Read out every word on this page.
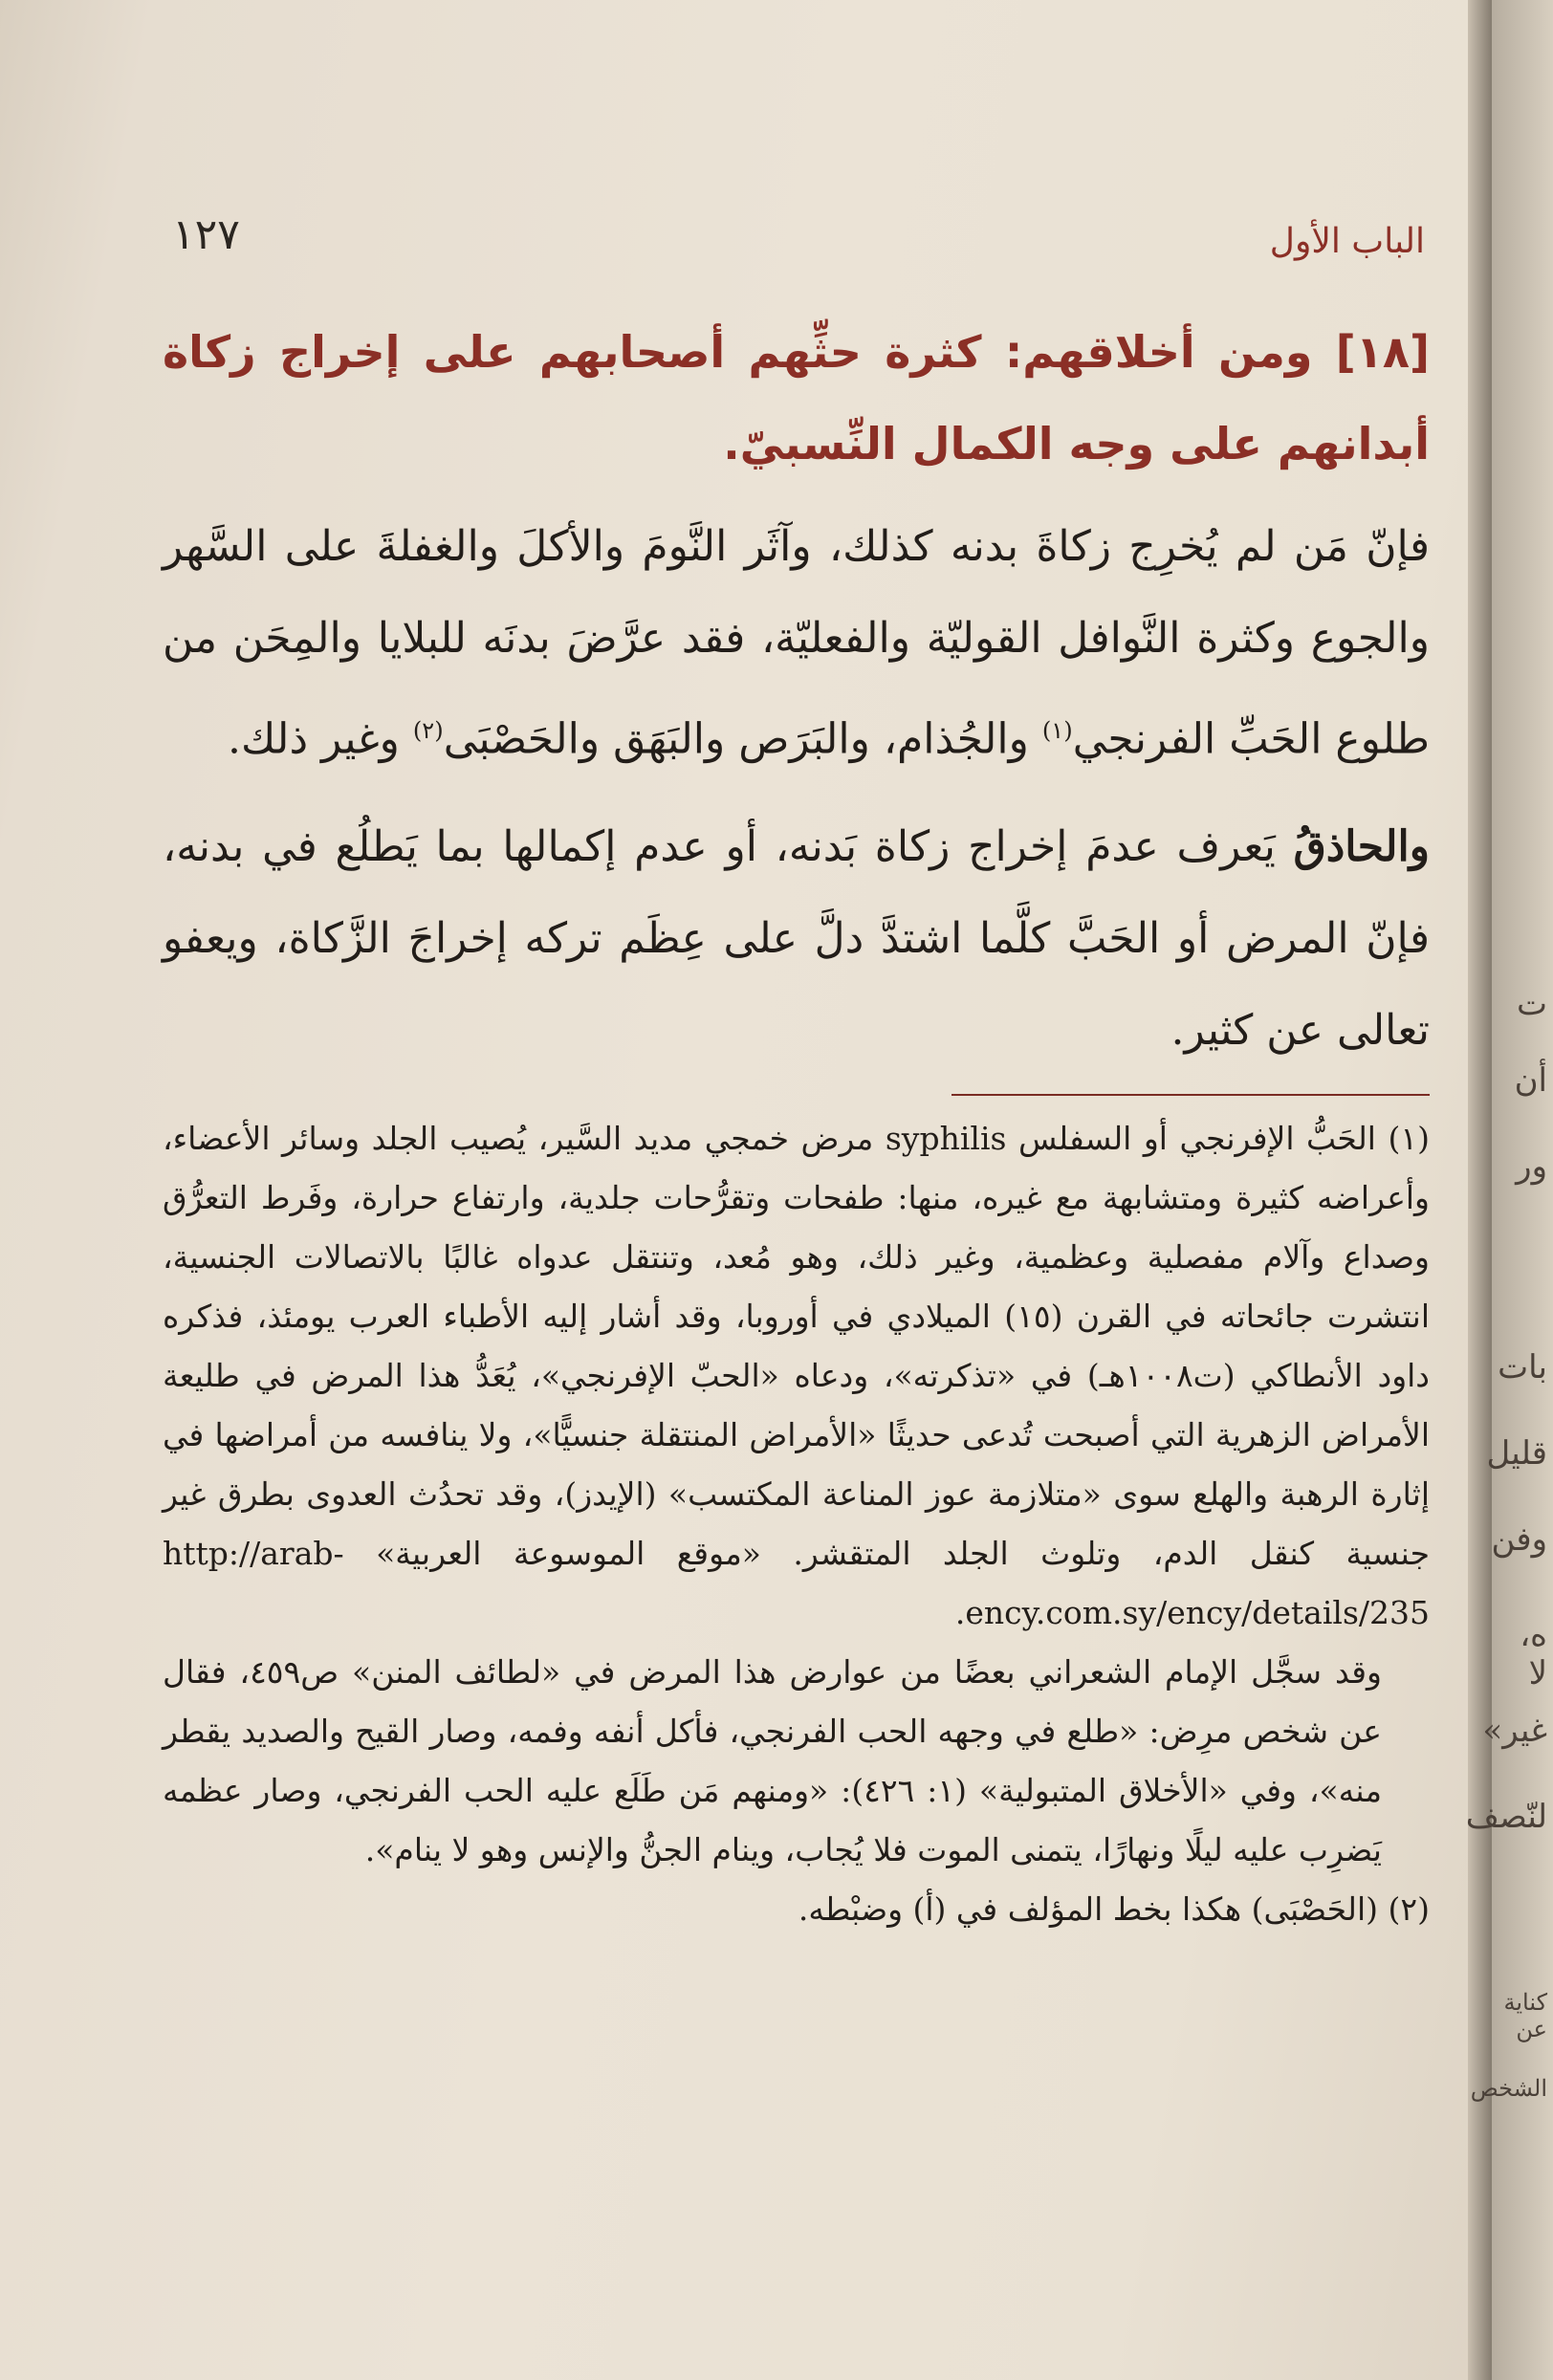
الباب الأول
١٢٧

[١٨] ومن أخلاقهم: كثرة حثِّهم أصحابهم على إخراج زكاة أبدانهم على وجه الكمال النِّسبيّ.

فإنّ مَن لم يُخرِج زكاةَ بدنه كذلك، وآثَر النَّومَ والأكلَ والغفلةَ على السَّهر والجوع وكثرة النَّوافل القوليّة والفعليّة، فقد عرَّضَ بدنَه للبلايا والمِحَن من طلوع الحَبِّ الفرنجي$^{(١)}$ والجُذام، والبَرَص والبَهَق والحَصْبَى$^{(٢)}$ وغير ذلك.

والحاذقُ يَعرف عدمَ إخراج زكاة بَدنه، أو عدم إكمالها بما يَطلُع في بدنه، فإنّ المرض أو الحَبَّ كلَّما اشتدَّ دلَّ على عِظَم تركه إخراجَ الزَّكاة، ويعفو تعالى عن كثير.

(١) الحَبُّ الإفرنجي أو السفلس syphilis مرض خمجي مديد السَّير، يُصيب الجلد وسائر الأعضاء، وأعراضه كثيرة ومتشابهة مع غيره، منها: طفحات وتقرُّحات جلدية، وارتفاع حرارة، وفَرط التعرُّق وصداع وآلام مفصلية وعظمية، وغير ذلك، وهو مُعد، وتنتقل عدواه غالبًا بالاتصالات الجنسية، انتشرت جائحاته في القرن (١٥) الميلادي في أوروبا، وقد أشار إليه الأطباء العرب يومئذ، فذكره داود الأنطاكي (ت١٠٠٨هـ) في «تذكرته»، ودعاه «الحبّ الإفرنجي»، يُعَدُّ هذا المرض في طليعة الأمراض الزهرية التي أصبحت تُدعى حديثًا «الأمراض المنتقلة جنسيًّا»، ولا ينافسه من أمراضها في إثارة الرهبة والهلع سوى «متلازمة عوز المناعة المكتسب» (الإيدز)، وقد تحدُث العدوى بطرق غير جنسية كنقل الدم، وتلوث الجلد المتقشر. «موقع الموسوعة العربية» http://arab-ency.com.sy/ency/details/235.

وقد سجَّل الإمام الشعراني بعضًا من عوارض هذا المرض في «لطائف المنن» ص٤٥٩، فقال عن شخص مرِض: «طلع في وجهه الحب الفرنجي، فأكل أنفه وفمه، وصار القيح والصديد يقطر منه»، وفي «الأخلاق المتبولية» (١: ٤٢٦): «ومنهم مَن طَلَع عليه الحب الفرنجي، وصار عظمه يَضرِب عليه ليلًا ونهارًا، يتمنى الموت فلا يُجاب، وينام الجنُّ والإنس وهو لا ينام».

(٢) (الحَصْبَى) هكذا بخط المؤلف في (أ) وضبْطه.

ت
أن
ور
بات
قليل
وفن
ه، لا
غير»
لنّصف
كناية عن
الشخص
